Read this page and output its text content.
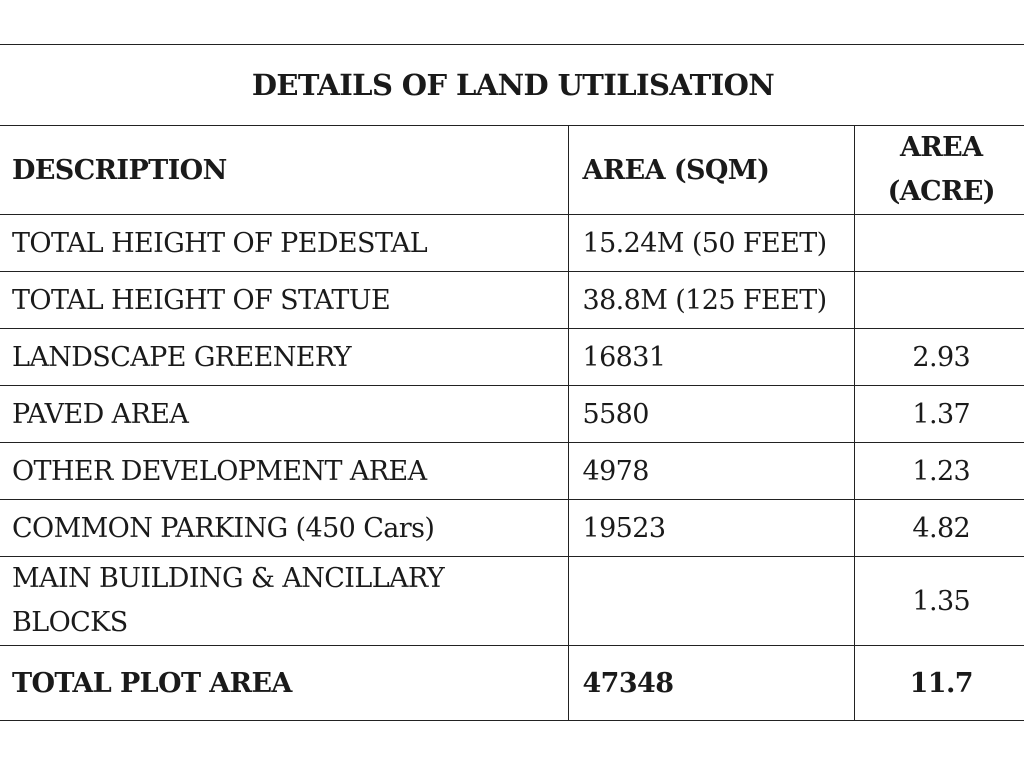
DETAILS OF LAND UTILISATION		
DESCRIPTION	AREA (SQM)	AREA
(ACRE)
TOTAL HEIGHT OF PEDESTAL	15.24M (50 FEET)	
TOTAL HEIGHT OF STATUE	38.8M (125 FEET)	
LANDSCAPE GREENERY	16831	2.93
PAVED AREA	5580	1.37
OTHER DEVELOPMENT AREA	4978	1.23
COMMON PARKING (450 Cars)	19523	4.82
MAIN BUILDING & ANCILLARY
BLOCKS		1.35
TOTAL PLOT AREA	47348	11.7
